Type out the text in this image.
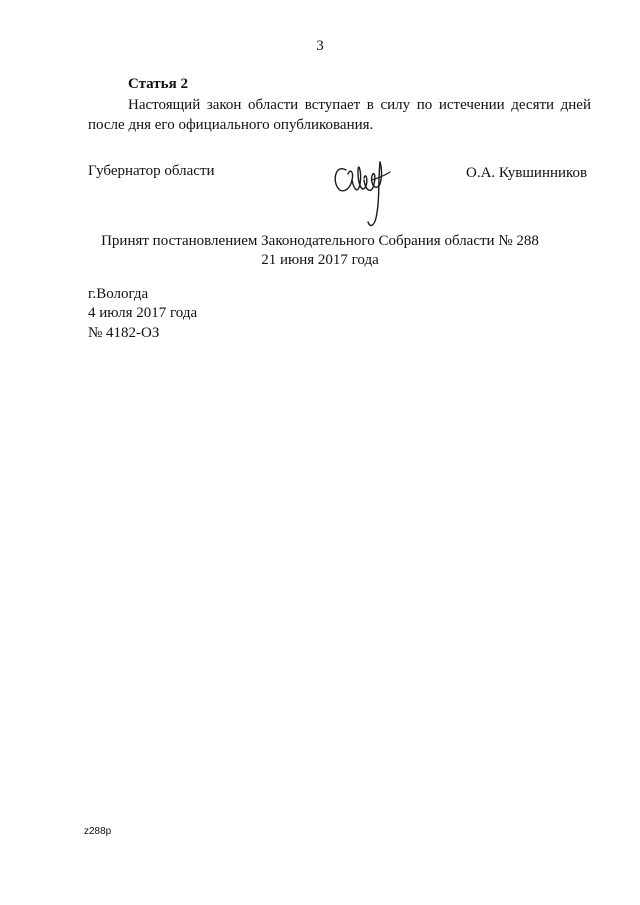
3
Статья 2
Настоящий закон области вступает в силу по истечении десяти дней
после дня его официального опубликования.
Губернатор области	О.А. Кувшинников
Принят постановлением Законодательного Собрания области № 288
21 июня 2017 года
г.Вологда
4 июля 2017 года
№ 4182-ОЗ
z288p
